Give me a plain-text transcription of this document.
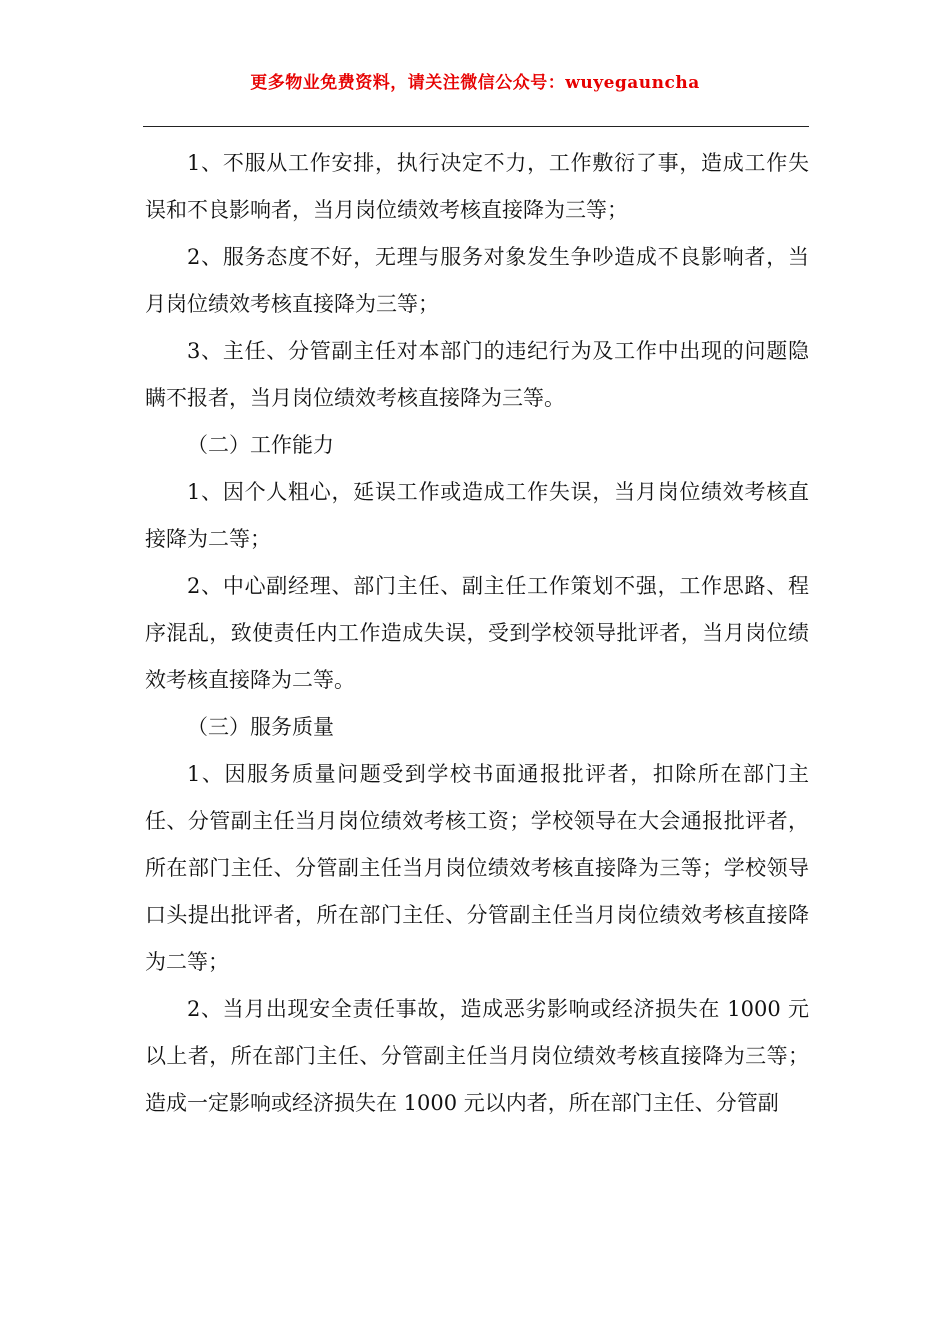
更多物业免费资料，请关注微信公众号：wuyegauncha

1、不服从工作安排，执行决定不力，工作敷衍了事，造成工作失误和不良影响者，当月岗位绩效考核直接降为三等；

2、服务态度不好，无理与服务对象发生争吵造成不良影响者，当月岗位绩效考核直接降为三等；

3、主任、分管副主任对本部门的违纪行为及工作中出现的问题隐瞒不报者，当月岗位绩效考核直接降为三等。

（二）工作能力

1、因个人粗心，延误工作或造成工作失误，当月岗位绩效考核直接降为二等；

2、中心副经理、部门主任、副主任工作策划不强，工作思路、程序混乱，致使责任内工作造成失误，受到学校领导批评者，当月岗位绩效考核直接降为二等。

（三）服务质量

1、因服务质量问题受到学校书面通报批评者，扣除所在部门主任、分管副主任当月岗位绩效考核工资；学校领导在大会通报批评者，所在部门主任、分管副主任当月岗位绩效考核直接降为三等；学校领导口头提出批评者，所在部门主任、分管副主任当月岗位绩效考核直接降为二等；

2、当月出现安全责任事故，造成恶劣影响或经济损失在 1000 元以上者，所在部门主任、分管副主任当月岗位绩效考核直接降为三等；造成一定影响或经济损失在 1000 元以内者，所在部门主任、分管副
